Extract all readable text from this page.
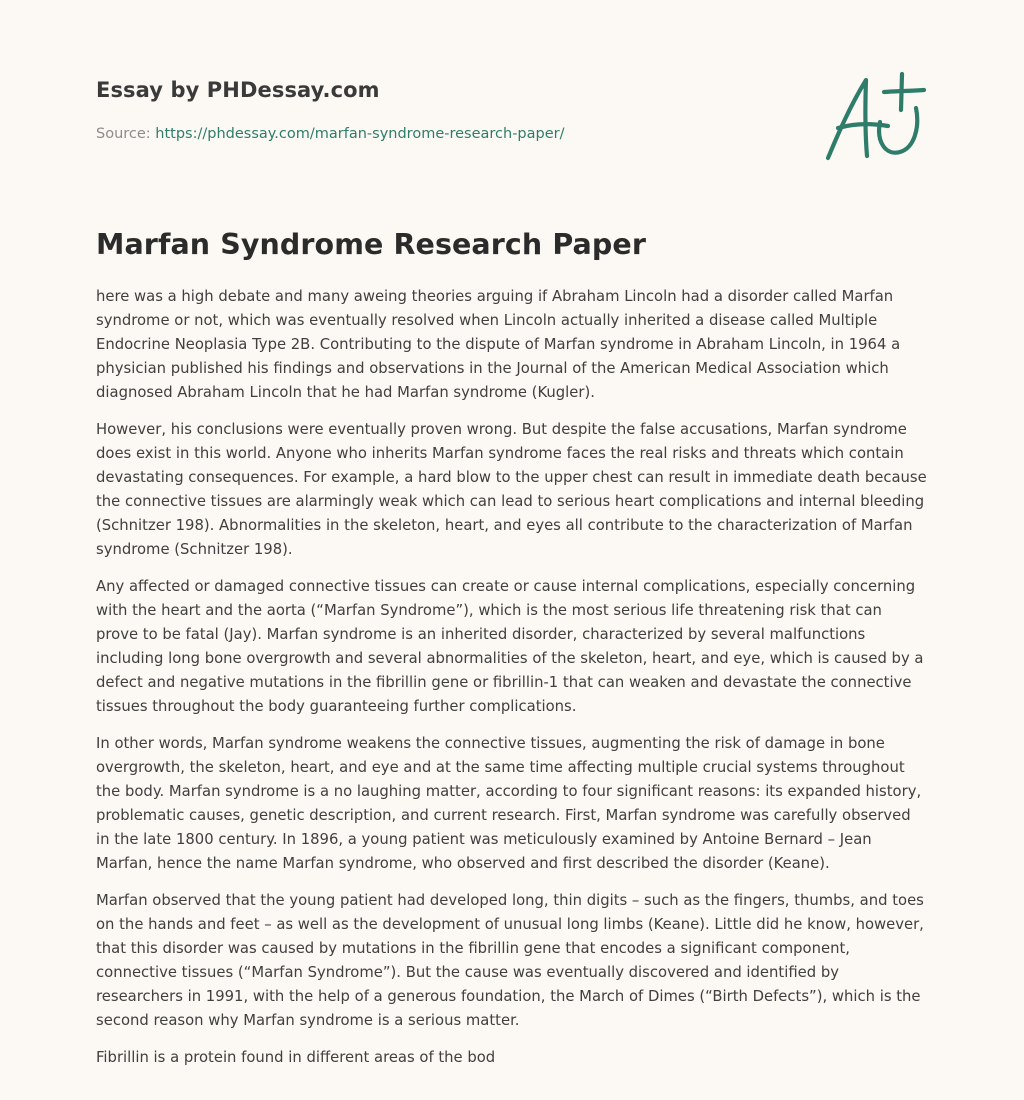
Essay by PHDessay.com
Source: https://phdessay.com/marfan-syndrome-research-paper/
Marfan Syndrome Research Paper

here was a high debate and many aweing theories arguing if Abraham Lincoln had a disorder called Marfan syndrome or not, which was eventually resolved when Lincoln actually inherited a disease called Multiple Endocrine Neoplasia Type 2B. Contributing to the dispute of Marfan syndrome in Abraham Lincoln, in 1964 a physician published his findings and observations in the Journal of the American Medical Association which diagnosed Abraham Lincoln that he had Marfan syndrome (Kugler).

However, his conclusions were eventually proven wrong. But despite the false accusations, Marfan syndrome does exist in this world. Anyone who inherits Marfan syndrome faces the real risks and threats which contain devastating consequences. For example, a hard blow to the upper chest can result in immediate death because the connective tissues are alarmingly weak which can lead to serious heart complications and internal bleeding (Schnitzer 198). Abnormalities in the skeleton, heart, and eyes all contribute to the characterization of Marfan syndrome (Schnitzer 198).

Any affected or damaged connective tissues can create or cause internal complications, especially concerning with the heart and the aorta (“Marfan Syndrome”), which is the most serious life threatening risk that can prove to be fatal (Jay). Marfan syndrome is an inherited disorder, characterized by several malfunctions including long bone overgrowth and several abnormalities of the skeleton, heart, and eye, which is caused by a defect and negative mutations in the fibrillin gene or fibrillin-1 that can weaken and devastate the connective tissues throughout the body guaranteeing further complications.

In other words, Marfan syndrome weakens the connective tissues, augmenting the risk of damage in bone overgrowth, the skeleton, heart, and eye and at the same time affecting multiple crucial systems throughout the body. Marfan syndrome is a no laughing matter, according to four significant reasons: its expanded history, problematic causes, genetic description, and current research. First, Marfan syndrome was carefully observed in the late 1800 century. In 1896, a young patient was meticulously examined by Antoine Bernard – Jean Marfan, hence the name Marfan syndrome, who observed and first described the disorder (Keane).

Marfan observed that the young patient had developed long, thin digits – such as the fingers, thumbs, and toes on the hands and feet – as well as the development of unusual long limbs (Keane). Little did he know, however, that this disorder was caused by mutations in the fibrillin gene that encodes a significant component, connective tissues (“Marfan Syndrome”). But the cause was eventually discovered and identified by researchers in 1991, with the help of a generous foundation, the March of Dimes (“Birth Defects”), which is the second reason why Marfan syndrome is a serious matter.

Fibrillin is a protein found in different areas of the bod
